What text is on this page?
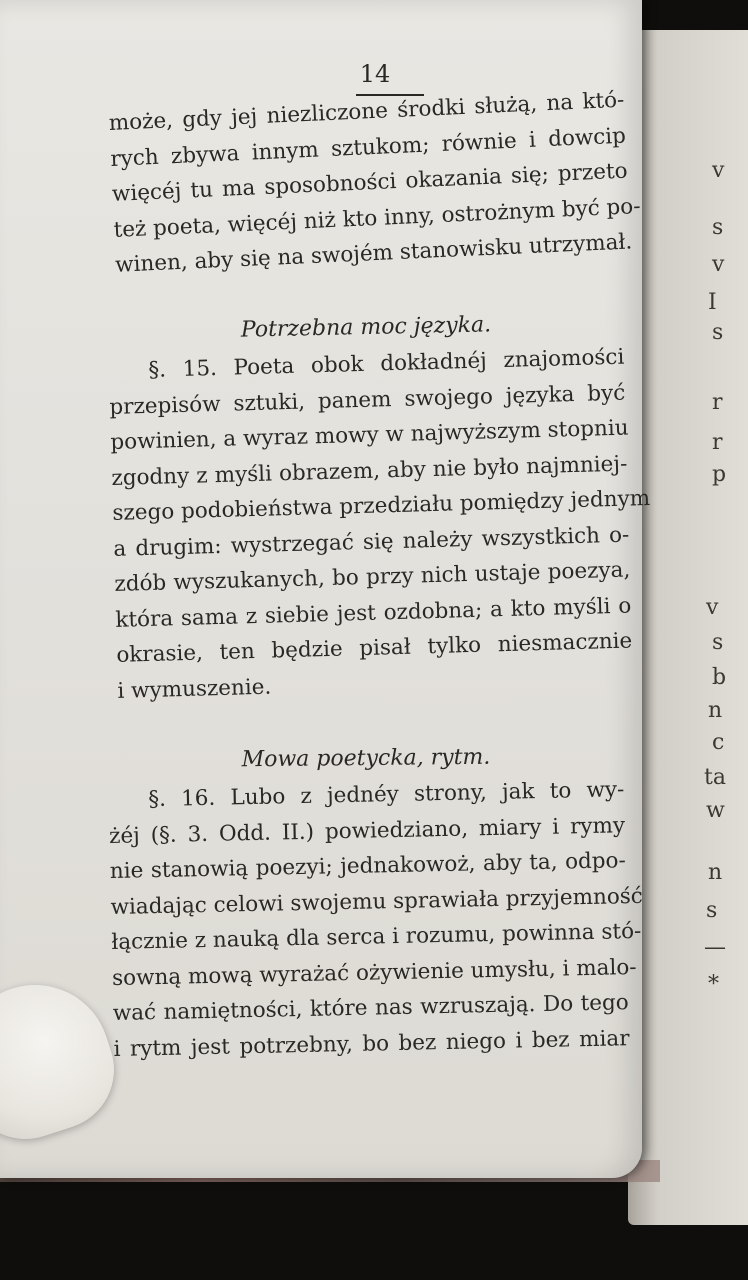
v
s
v
I
s
r
r
p
v
s
b
n
c
ta
w
n
s
—
*
14
może, gdy jej niezliczone środki służą, na któ-
rych zbywa innym sztukom; równie i dowcip
więcéj tu ma sposobności okazania się; przeto
też poeta, więcéj niż kto inny, ostrożnym być po-
winen, aby się na swojém stanowisku utrzymał.
Potrzebna moc języka.
§. 15. Poeta obok dokładnéj znajomości
przepisów sztuki, panem swojego języka być
powinien, a wyraz mowy w najwyższym stopniu
zgodny z myśli obrazem, aby nie było najmniej-
szego podobieństwa przedziału pomiędzy jednym
a drugim: wystrzegać się należy wszystkich o-
zdób wyszukanych, bo przy nich ustaje poezya,
która sama z siebie jest ozdobna; a kto myśli o
okrasie, ten będzie pisał tylko niesmacznie
i wymuszenie.
Mowa poetycka, rytm.
§. 16. Lubo z jednéy strony, jak to wy-
żéj (§. 3. Odd. II.) powiedziano, miary i rymy
nie stanowią poezyi; jednakowoż, aby ta, odpo-
wiadając celowi swojemu sprawiała przyjemność
łącznie z nauką dla serca i rozumu, powinna stó-
sowną mową wyrażać ożywienie umysłu, i malo-
wać namiętności, które nas wzruszają. Do tego
i rytm jest potrzebny, bo bez niego i bez miar
